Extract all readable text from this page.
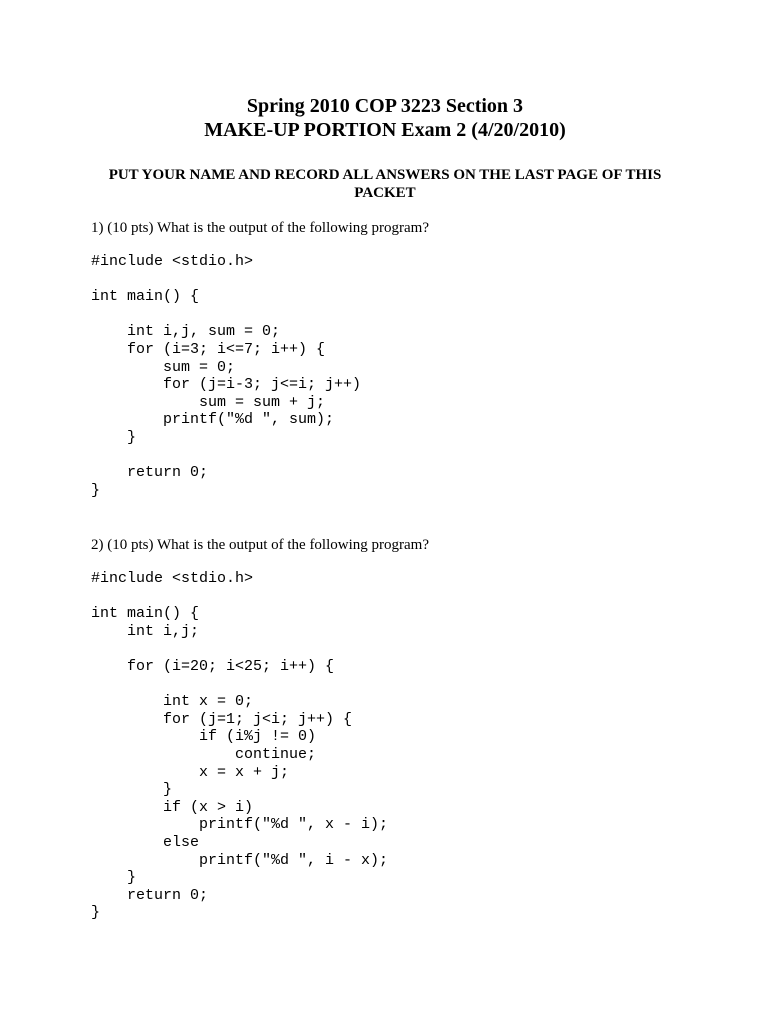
Spring 2010 COP 3223 Section 3
MAKE-UP PORTION Exam 2 (4/20/2010)
PUT YOUR NAME AND RECORD ALL ANSWERS ON THE LAST PAGE OF THIS PACKET
1) (10 pts) What is the output of the following program?
#include <stdio.h>

int main() {

int i,j, sum = 0;
for (i=3; i<=7; i++) {
sum = 0;
for (j=i-3; j<=i; j++)
sum = sum + j;
printf("%d ", sum);
}

return 0;
}
2) (10 pts) What is the output of the following program?
#include <stdio.h>

int main() {
int i,j;

for (i=20; i<25; i++) {

int x = 0;
for (j=1; j<i; j++) {
if (i%j != 0)
continue;
x = x + j;
}
if (x > i)
printf("%d ", x - i);
else
printf("%d ", i - x);
}
return 0;
}
